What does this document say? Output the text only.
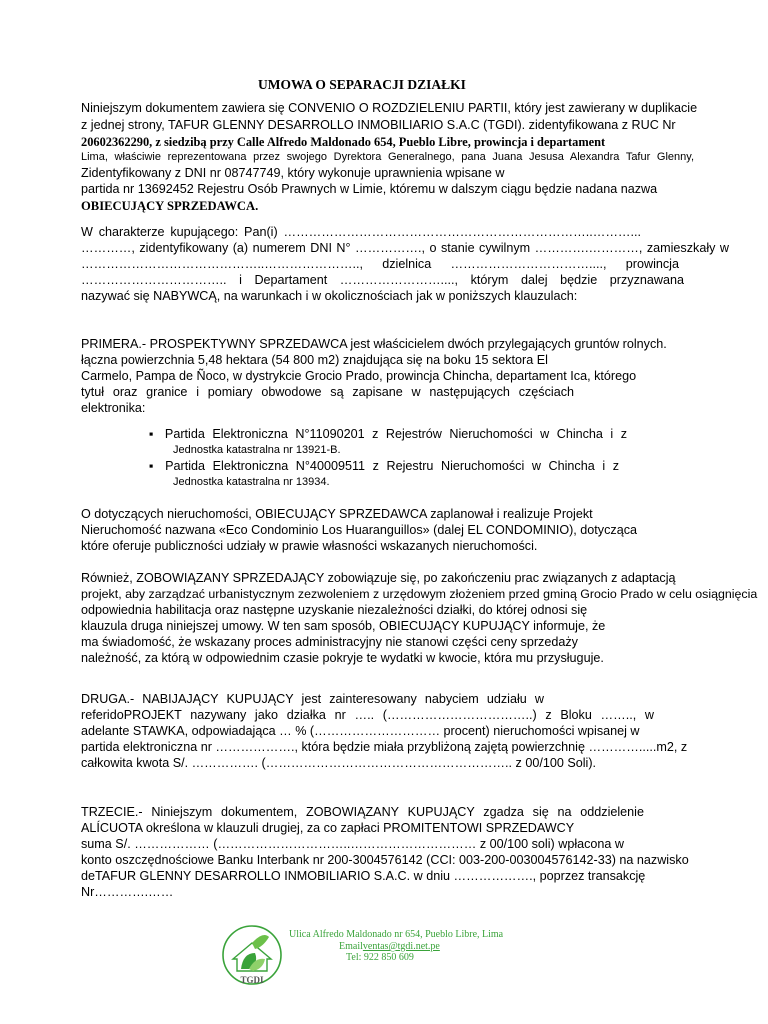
UMOWA O SEPARACJI DZIAŁKI
Niniejszym dokumentem zawiera się CONVENIO O ROZDZIELENIU PARTII, który jest zawierany w duplikacie
z jednej strony, TAFUR GLENNY DESARROLLO INMOBILIARIO S.A.C (TGDI). zidentyfikowana z RUC Nr
20602362290, z siedzibą przy Calle Alfredo Maldonado 654, Pueblo Libre, prowincja i departament
Lima, właściwie reprezentowana przez swojego Dyrektora Generalnego, pana Juana Jesusa Alexandra Tafur Glenny,
Zidentyfikowany z DNI nr 08747749, który wykonuje uprawnienia wpisane w
partida nr 13692452 Rejestru Osób Prawnych w Limie, któremu w dalszym ciągu będzie nadana nazwa
OBIECUJĄCY SPRZEDAWCA.
W charakterze kupującego: Pan(i) ………………………………………………………………..………...
…………, zidentyfikowany (a) numerem DNI N° ……………., o stanie cywilnym ………….…………, zamieszkały w
……………………………………..………………….., dzielnica ……………………………...., prowincja
…………………………….. i Departament ……………………...., którym dalej będzie przyznawana
nazywać się NABYWCĄ, na warunkach i w okolicznościach jak w poniższych klauzulach:
PRIMERA.- PROSPEKTYWNY SPRZEDAWCA jest właścicielem dwóch przylegających gruntów rolnych.
łączna powierzchnia 5,48 hektara (54 800 m2) znajdująca się na boku 15 sektora El
Carmelo, Pampa de Ñoco, w dystrykcie Grocio Prado, prowincja Chincha, departament Ica, którego
tytuł oraz granice i pomiary obwodowe są zapisane w następujących częściach
elektronika:
▪ Partida Elektroniczna N°11090201 z Rejestrów Nieruchomości w Chincha i z
Jednostka katastralna nr 13921-B.
▪ Partida Elektroniczna N°40009511 z Rejestru Nieruchomości w Chincha i z
Jednostka katastralna nr 13934.
O dotyczących nieruchomości, OBIECUJĄCY SPRZEDAWCA zaplanował i realizuje Projekt
Nieruchomość nazwana «Eco Condominio Los Huaranguillos» (dalej EL CONDOMINIO), dotycząca
które oferuje publiczności udziały w prawie własności wskazanych nieruchomości.
Również, ZOBOWIĄZANY SPRZEDAJĄCY zobowiązuje się, po zakończeniu prac związanych z adaptacją
projekt, aby zarządzać urbanistycznym zezwoleniem z urzędowym złożeniem przed gminą Grocio Prado w celu osiągnięcia
odpowiednia habilitacja oraz następne uzyskanie niezależności działki, do której odnosi się
klauzula druga niniejszej umowy. W ten sam sposób, OBIECUJĄCY KUPUJĄCY informuje, że
ma świadomość, że wskazany proces administracyjny nie stanowi części ceny sprzedaży
należność, za którą w odpowiednim czasie pokryje te wydatki w kwocie, która mu przysługuje.
DRUGA.- NABIJAJĄCY KUPUJĄCY jest zainteresowany nabyciem udziału w
referidoPROJEKT nazywany jako działka nr ….. (……………………………..) z Bloku …….., w
adelante STAWKA, odpowiadająca … % (………………………… procent) nieruchomości wpisanej w
partida elektroniczna nr ………………., która będzie miała przybliżoną zajętą powierzchnię ………….....m2, z
całkowita kwota S/. ……………. (………………………………………………….. z 00/100 Soli).
TRZECIE.- Niniejszym dokumentem, ZOBOWIĄZANY KUPUJĄCY zgadza się na oddzielenie
ALÍCUOTA określona w klauzuli drugiej, za co zapłaci PROMITENTOWI SPRZEDAWCY
suma S/. ……………… (…………………………..………………………… z 00/100 soli) wpłacona w
konto oszczędnościowe Banku Interbank nr 200-3004576142 (CCI: 003-200-003004576142-33) na nazwisko
deTAFUR GLENNY DESARROLLO INMOBILIARIO S.A.C. w dniu ………………., poprzez transakcję
Nr………….……
TGDI
Ulica Alfredo Maldonado nr 654, Pueblo Libre, Lima
Emailventas@tgdi.net.pe
Tel: 922 850 609
